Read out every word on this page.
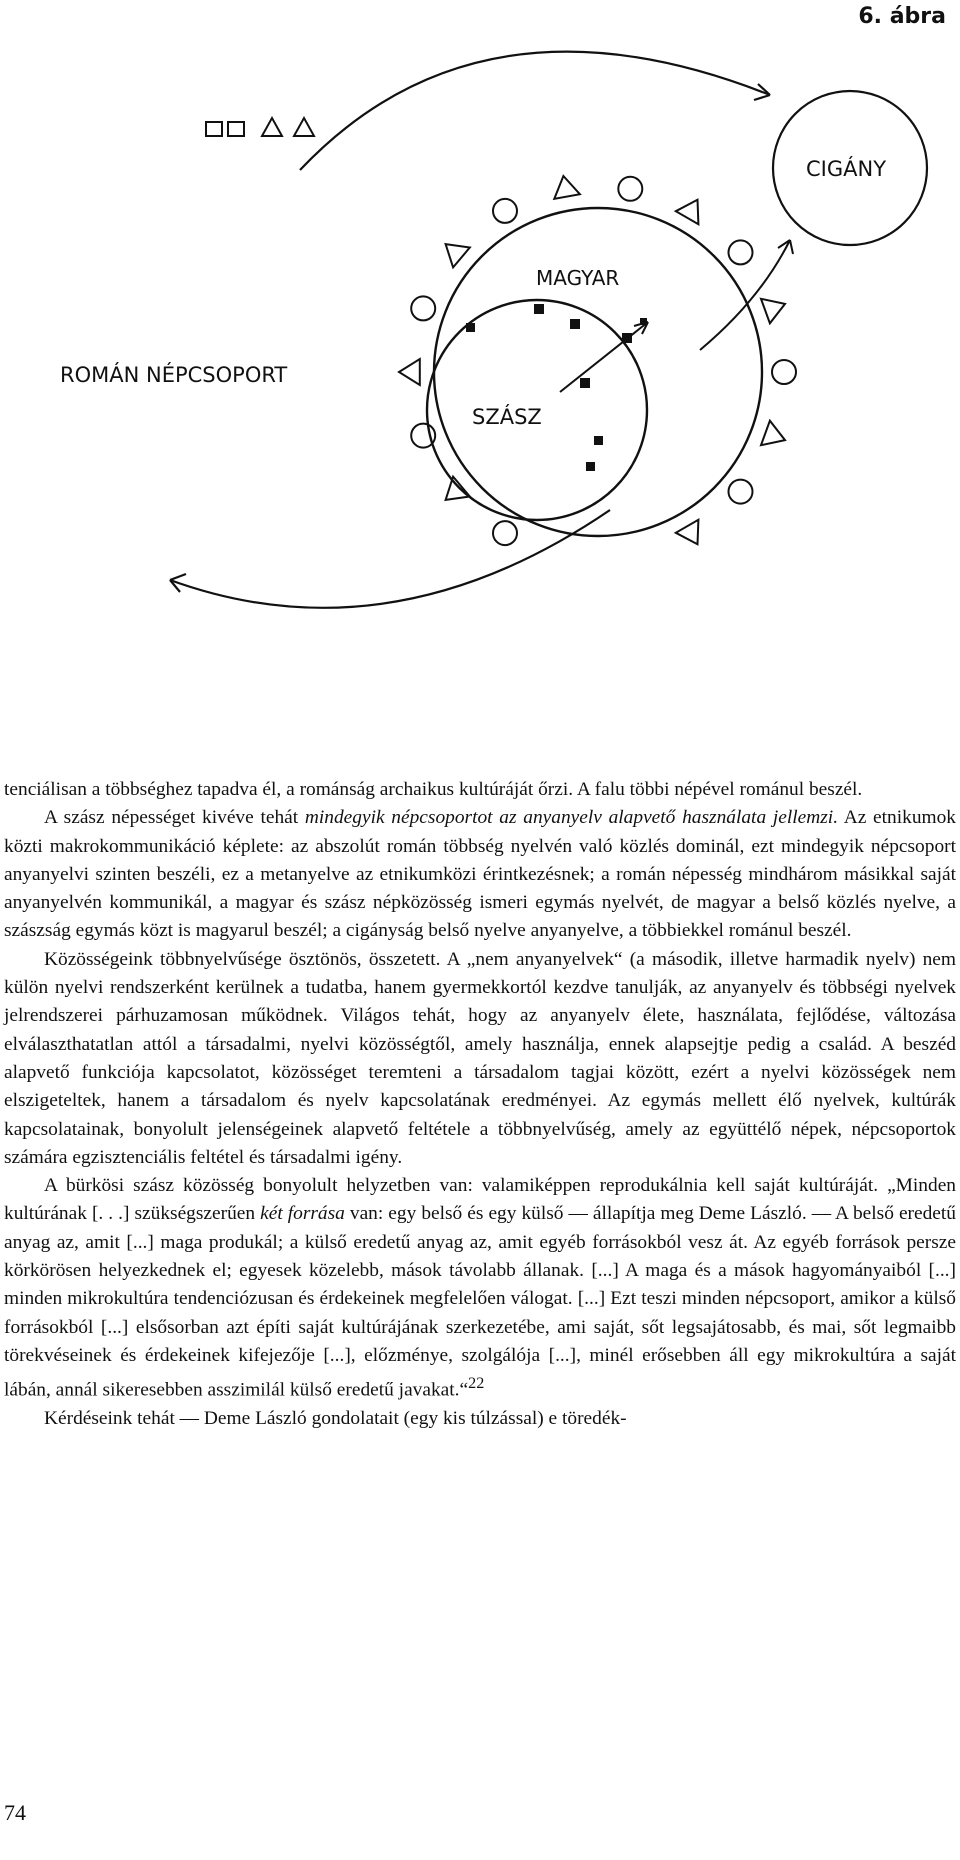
6. ábra
ROMÁN NÉPCSOPORT
CIGÁNY
MAGYAR
SZÁSZ

tenciálisan a többséghez tapadva él, a románság archaikus kultúráját őrzi. A falu többi népével románul beszél.

A szász népességet kivéve tehát mindegyik népcsoportot az anyanyelv alapvető használata jellemzi. Az etnikumok közti makrokommunikáció képlete: az abszolút román többség nyelvén való közlés dominál, ezt mindegyik népcsoport anyanyelvi szinten beszéli, ez a metanyelve az etnikumközi érintkezésnek; a román népesség mindhárom másikkal saját anyanyelvén kommunikál, a magyar és szász népközösség ismeri egymás nyelvét, de magyar a belső közlés nyelve, a szászság egymás közt is magyarul beszél; a cigányság belső nyelve anyanyelve, a többiekkel románul beszél.

Közösségeink többnyelvűsége ösztönös, összetett. A „nem anyanyelvek“ (a második, illetve harmadik nyelv) nem külön nyelvi rendszerként kerülnek a tudatba, hanem gyermekkortól kezdve tanulják, az anyanyelv és többségi nyelvek jelrendszerei párhuzamosan működnek. Világos tehát, hogy az anyanyelv élete, használata, fejlődése, változása elválaszthatatlan attól a társadalmi, nyelvi közösségtől, amely használja, ennek alapsejtje pedig a család. A beszéd alapvető funkciója kapcsolatot, közösséget teremteni a társadalom tagjai között, ezért a nyelvi közösségek nem elszigeteltek, hanem a társadalom és nyelv kapcsolatának eredményei. Az egymás mellett élő nyelvek, kultúrák kapcsolatainak, bonyolult jelenségeinek alapvető feltétele a többnyelvűség, amely az együttélő népek, népcsoportok számára egzisztenciális feltétel és társadalmi igény.

A bürkösi szász közösség bonyolult helyzetben van: valamiképpen reprodukálnia kell saját kultúráját. „Minden kultúrának [. . .] szükségszerűen két forrása van: egy belső és egy külső — állapítja meg Deme László. — A belső eredetű anyag az, amit [...] maga produkál; a külső eredetű anyag az, amit egyéb forrásokból vesz át. Az egyéb források persze körkörösen helyezkednek el; egyesek közelebb, mások távolabb állanak. [...] A maga és a mások hagyományaiból [...] minden mikrokultúra tendenciózusan és érdekeinek megfelelően válogat. [...] Ezt teszi minden népcsoport, amikor a külső forrásokból [...] elsősorban azt építi saját kultúrájának szerkezetébe, ami saját, sőt legsajátosabb, és mai, sőt legmaibb törekvéseinek és érdekeinek kifejezője [...], előzménye, szolgálója [...], minél erősebben áll egy mikrokultúra a saját lábán, annál sikeresebben asszimilál külső eredetű javakat.“$^{22}$

Kérdéseink tehát — Deme László gondolatait (egy kis túlzással) e töredék-

74
